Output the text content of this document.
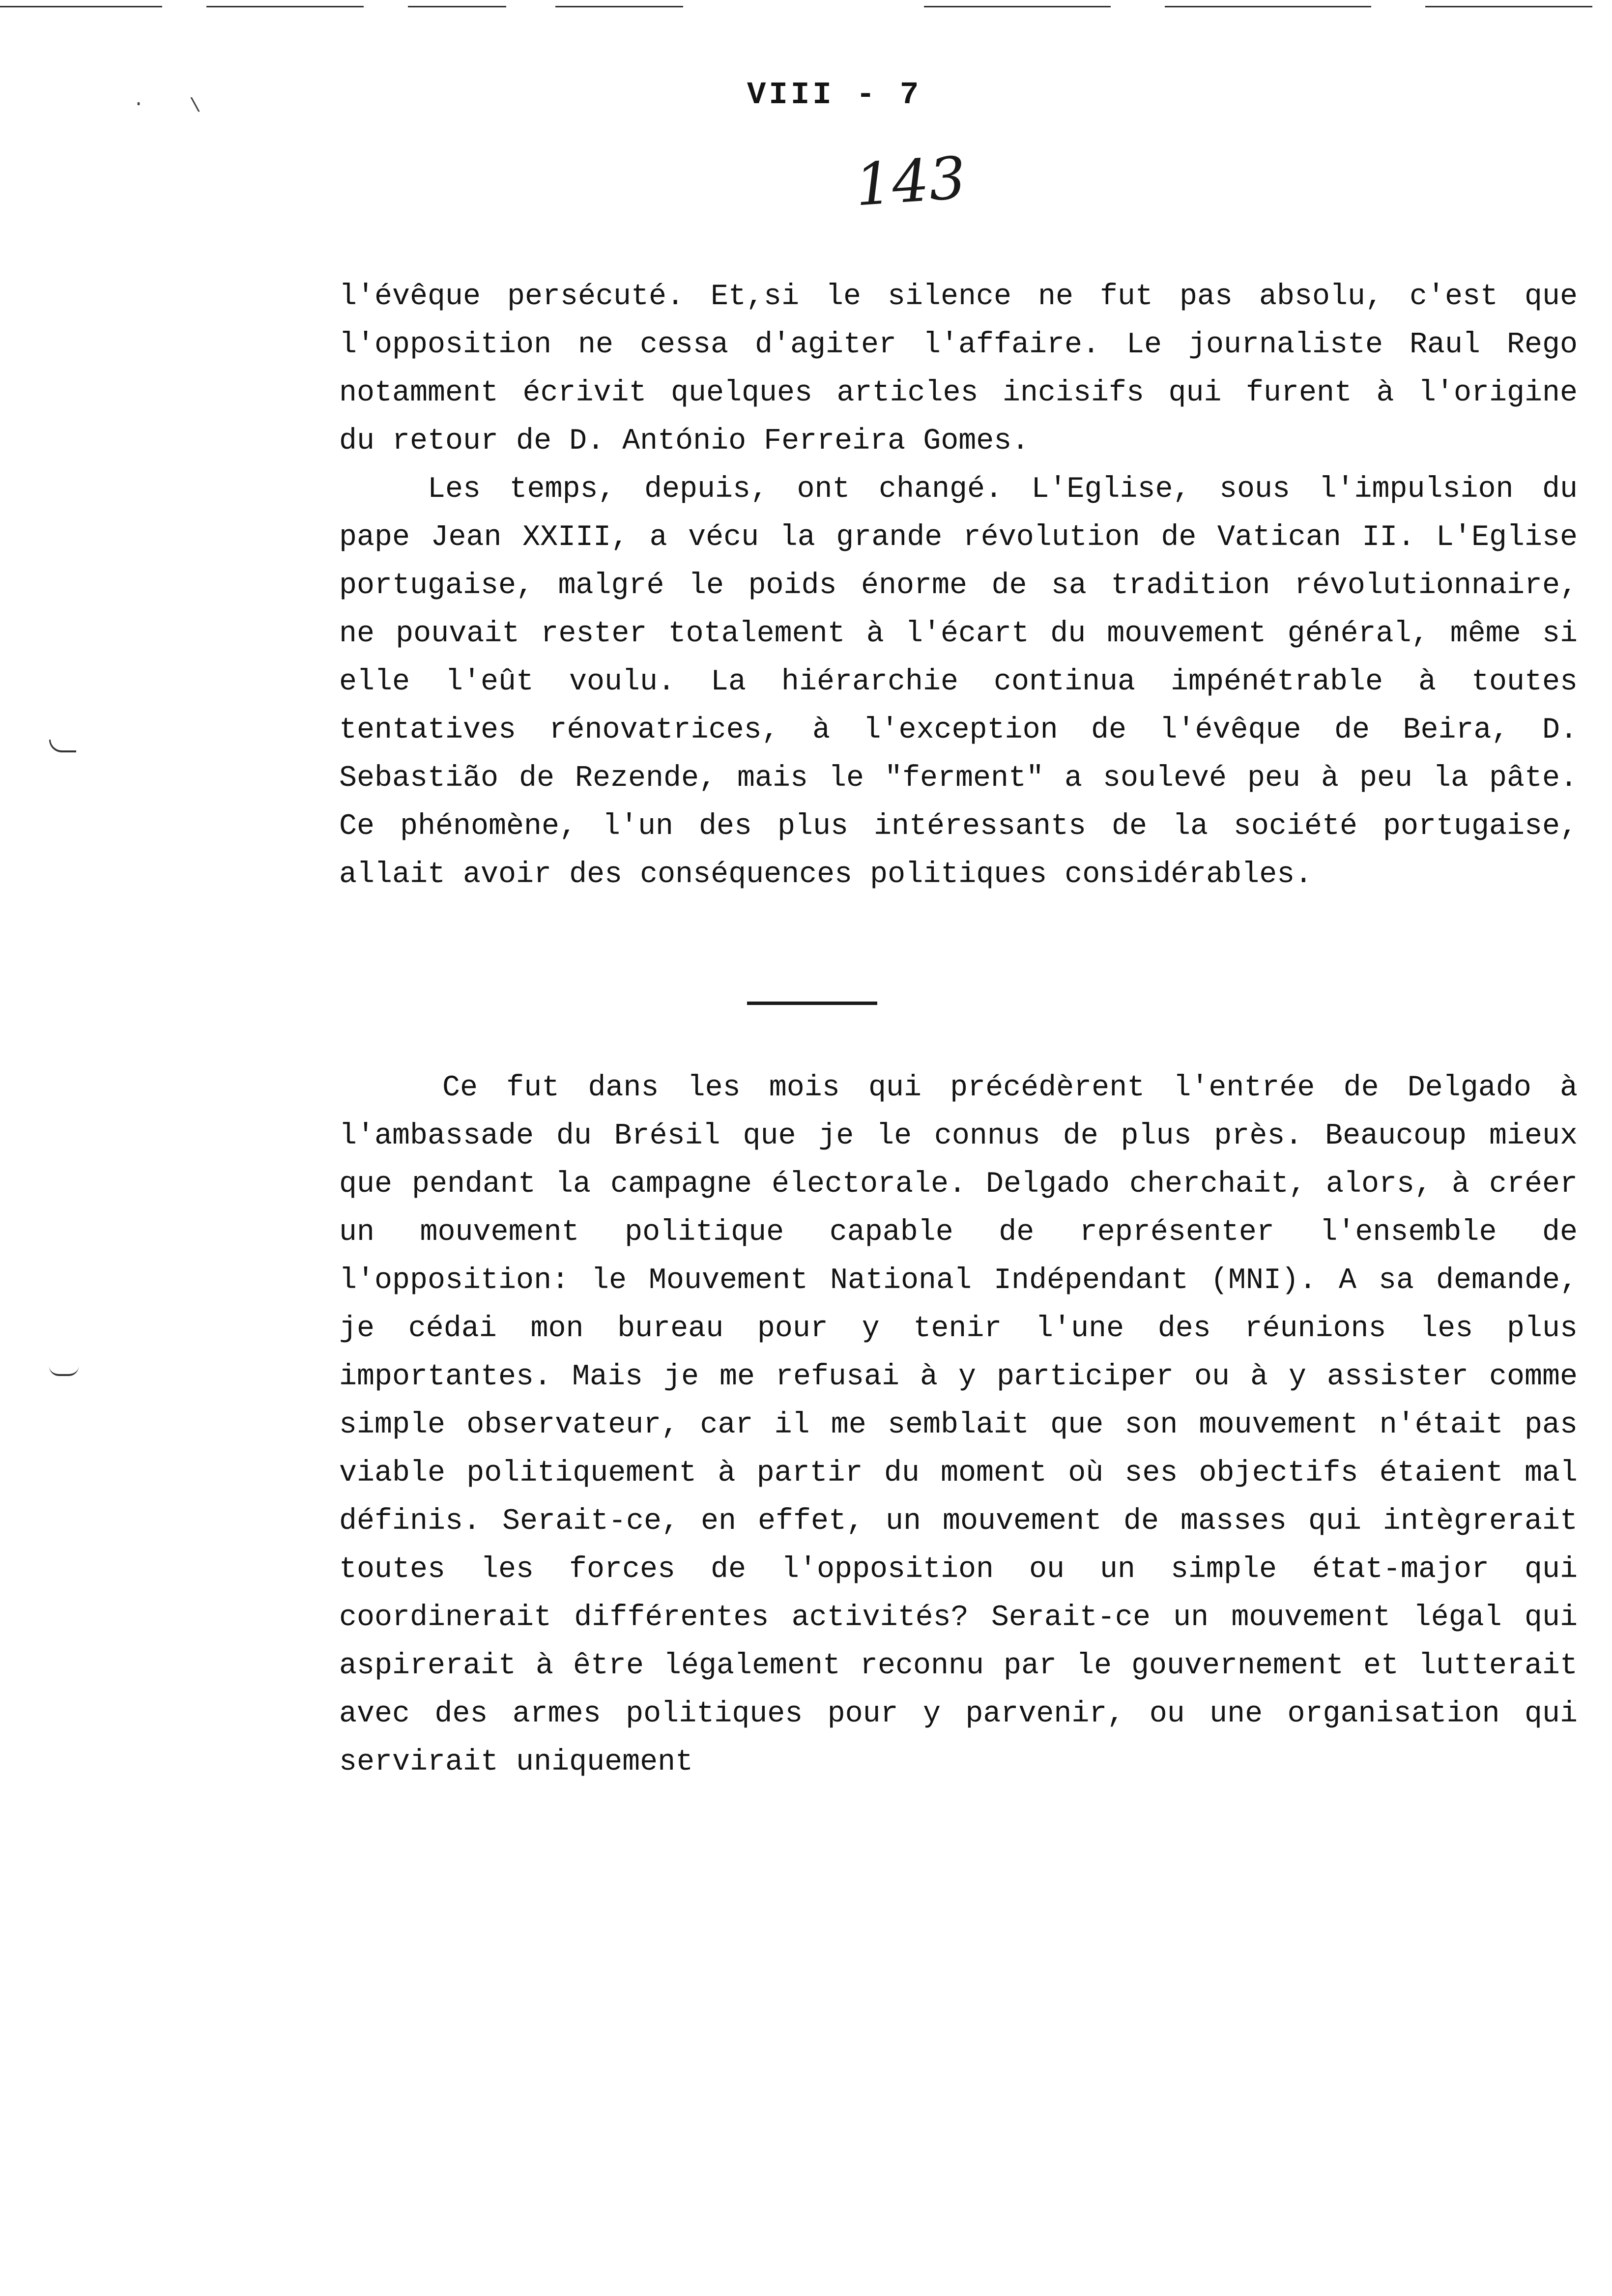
· \	VIII - 7
143

l'évêque persécuté. Et,si le silence ne fut pas absolu, c'est que l'opposition ne cessa d'agiter l'affaire. Le journaliste Raul Rego notamment écrivit quelques articles incisifs qui furent à l'origine du retour de D. António Ferreira Gomes.

Les temps, depuis, ont changé. L'Eglise, sous l'impulsion du pape Jean XXIII, a vécu la grande révolution de Vatican II. L'Eglise portugaise, malgré le poids énorme de sa tradition révolutionnaire, ne pouvait rester totalement à l'écart du mouvement général, même si elle l'eût voulu. La hiérarchie continua impénétrable à toutes tentatives rénovatrices, à l'exception de l'évêque de Beira, D. Sebastião de Rezende, mais le "ferment" a soulevé peu à peu la pâte. Ce phénomène, l'un des plus intéressants de la société portugaise, allait avoir des conséquences politiques considérables.

Ce fut dans les mois qui précédèrent l'entrée de Delgado à l'ambassade du Brésil que je le connus de plus près. Beaucoup mieux que pendant la campagne électorale. Delgado cherchait, alors, à créer un mouvement politique capable de représenter l'ensemble de l'opposition: le Mouvement National Indépendant (MNI). A sa demande, je cédai mon bureau pour y tenir l'une des réunions les plus importantes. Mais je me refusai à y participer ou à y assister comme simple observateur, car il me semblait que son mouvement n'était pas viable politiquement à partir du moment où ses objectifs étaient mal définis. Serait-ce, en effet, un mouvement de masses qui intègrerait toutes les forces de l'opposition ou un simple état-major qui coordinerait différentes activités? Serait-ce un mouvement légal qui aspirerait à être légalement reconnu par le gouvernement et lutterait avec des armes politiques pour y parvenir, ou une organisation qui servirait uniquement
